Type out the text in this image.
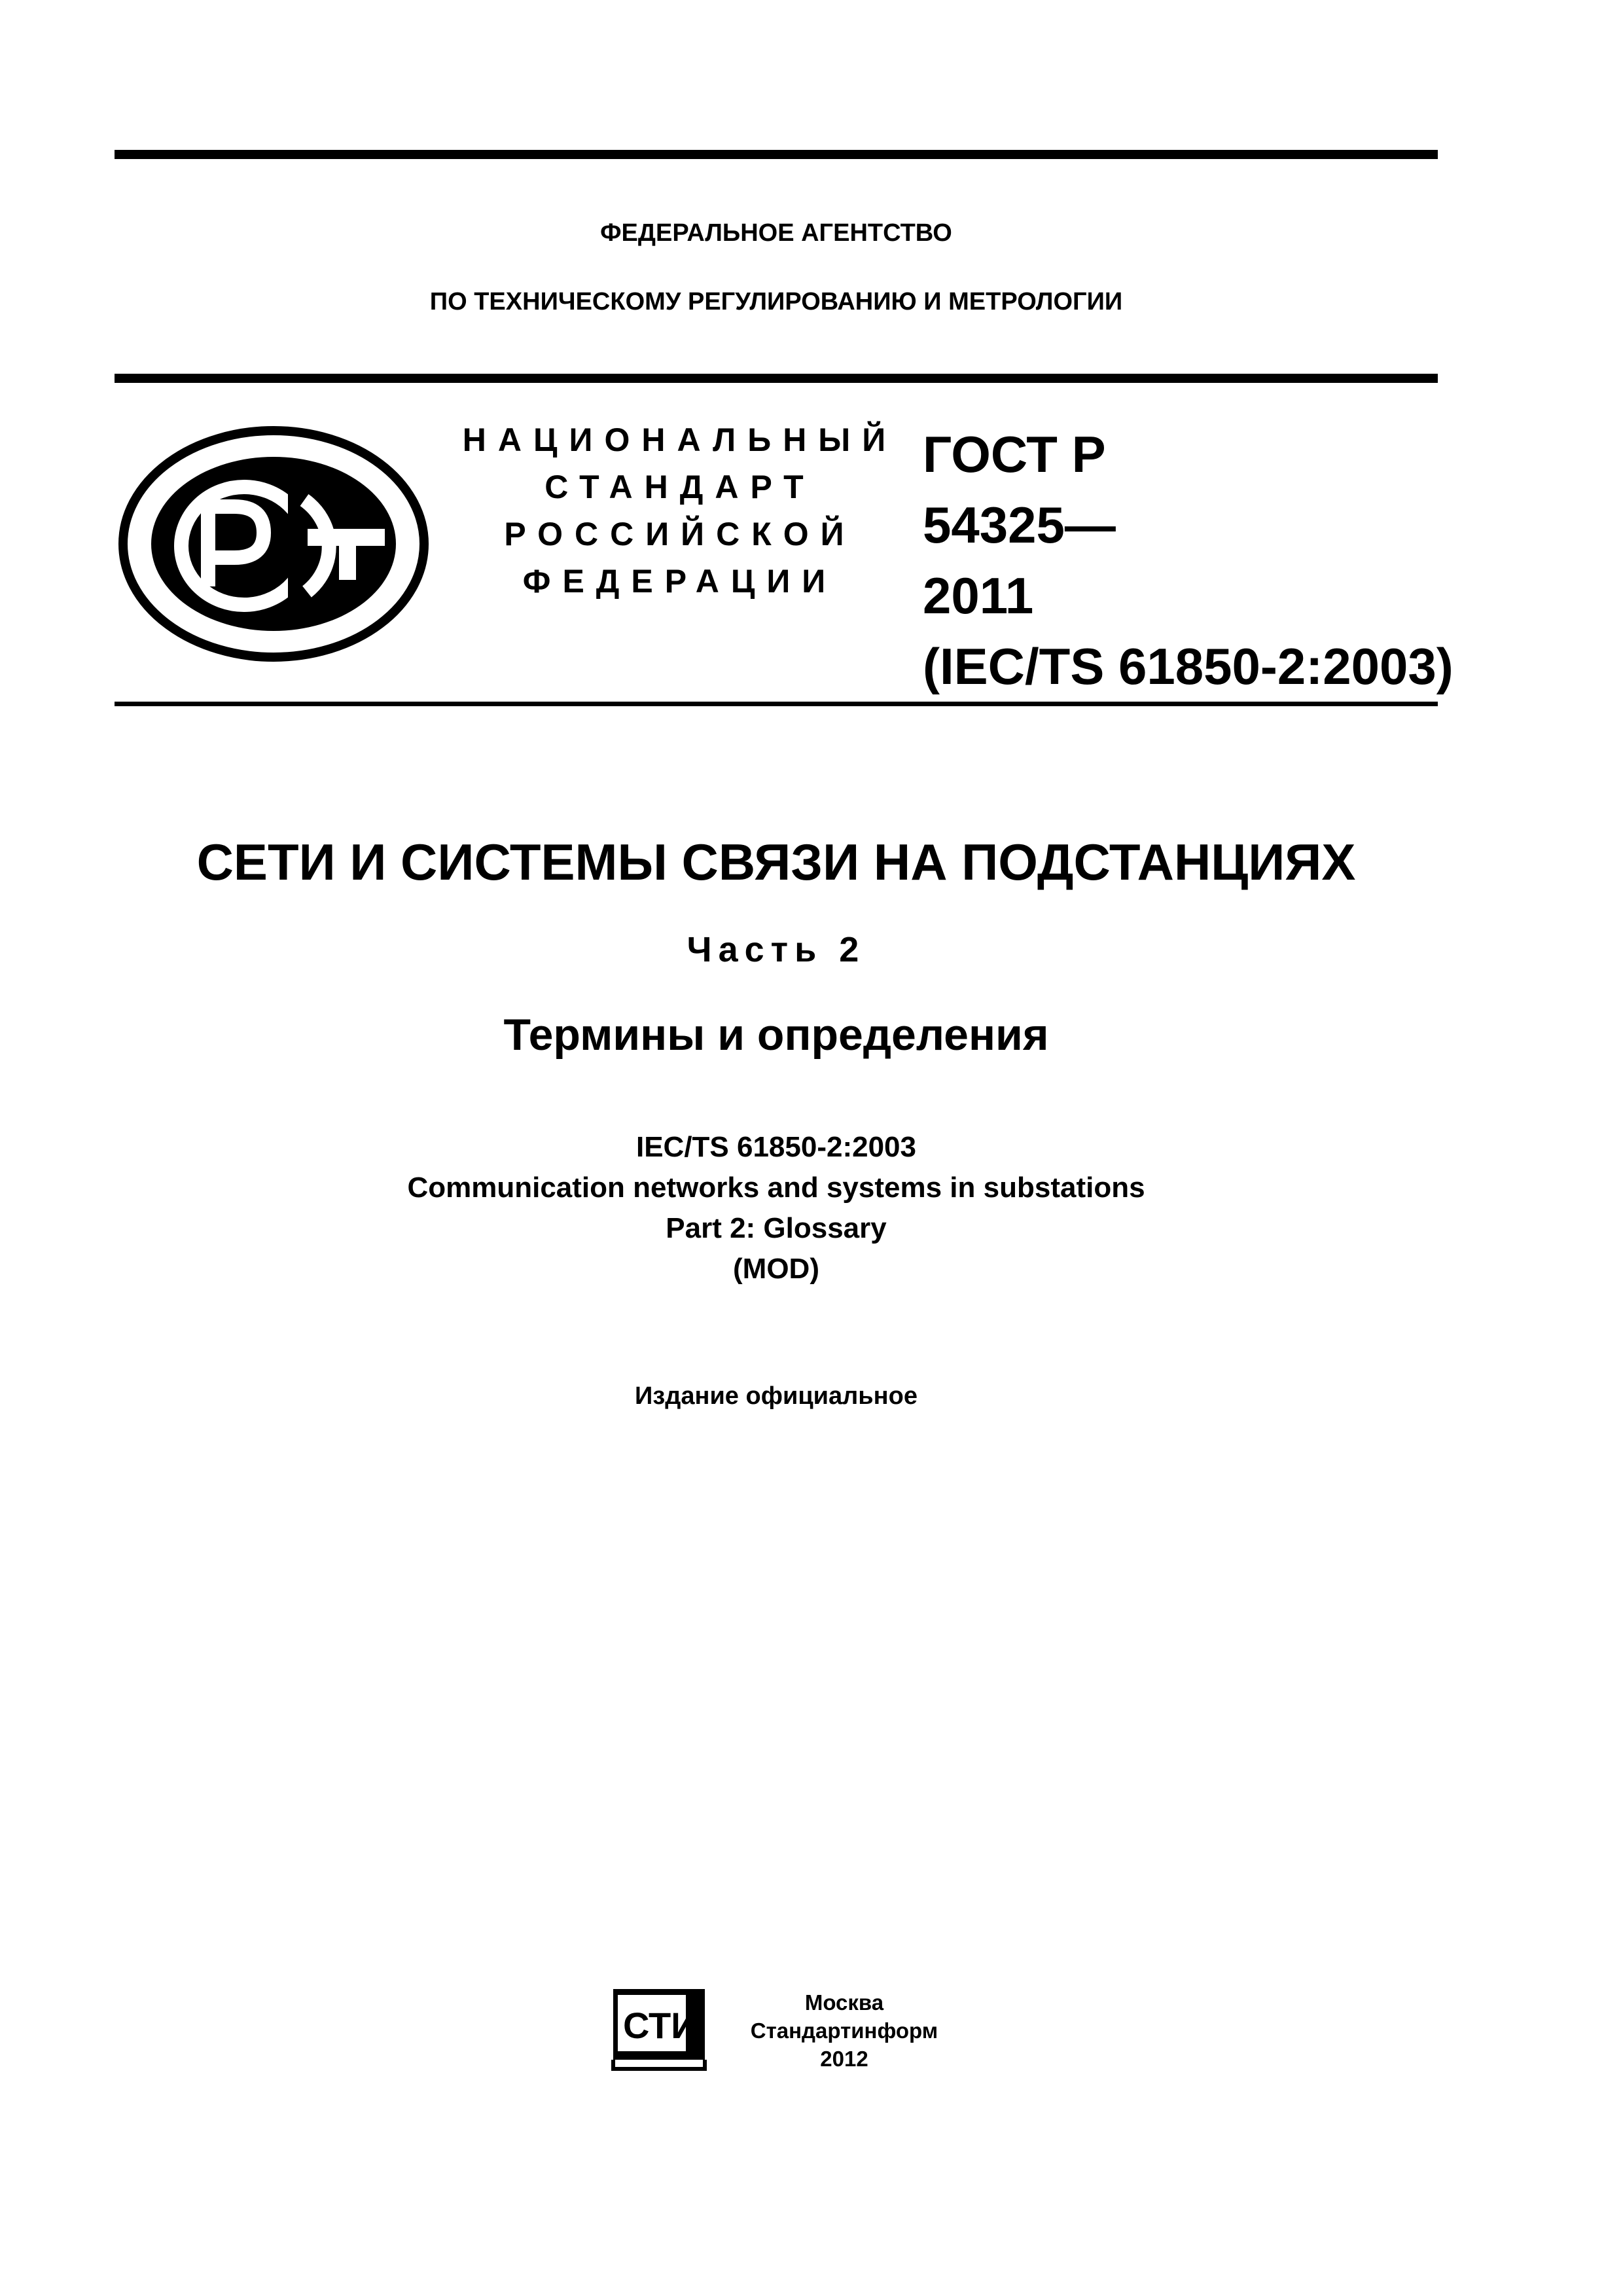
ФЕДЕРАЛЬНОЕ АГЕНТСТВО
ПО ТЕХНИЧЕСКОМУ РЕГУЛИРОВАНИЮ И МЕТРОЛОГИИ
НАЦИОНАЛЬНЫЙ
СТАНДАРТ
РОССИЙСКОЙ
ФЕДЕРАЦИИ
ГОСТ Р
54325—
2011
(IEC/TS 61850-2:2003)
СЕТИ И СИСТЕМЫ СВЯЗИ НА ПОДСТАНЦИЯХ
Часть 2
Термины и определения
IEC/TS 61850-2:2003
Communication networks and systems in substations
Part 2: Glossary
(MOD)
Издание официальное
СТИ
Москва
Стандартинформ
2012
